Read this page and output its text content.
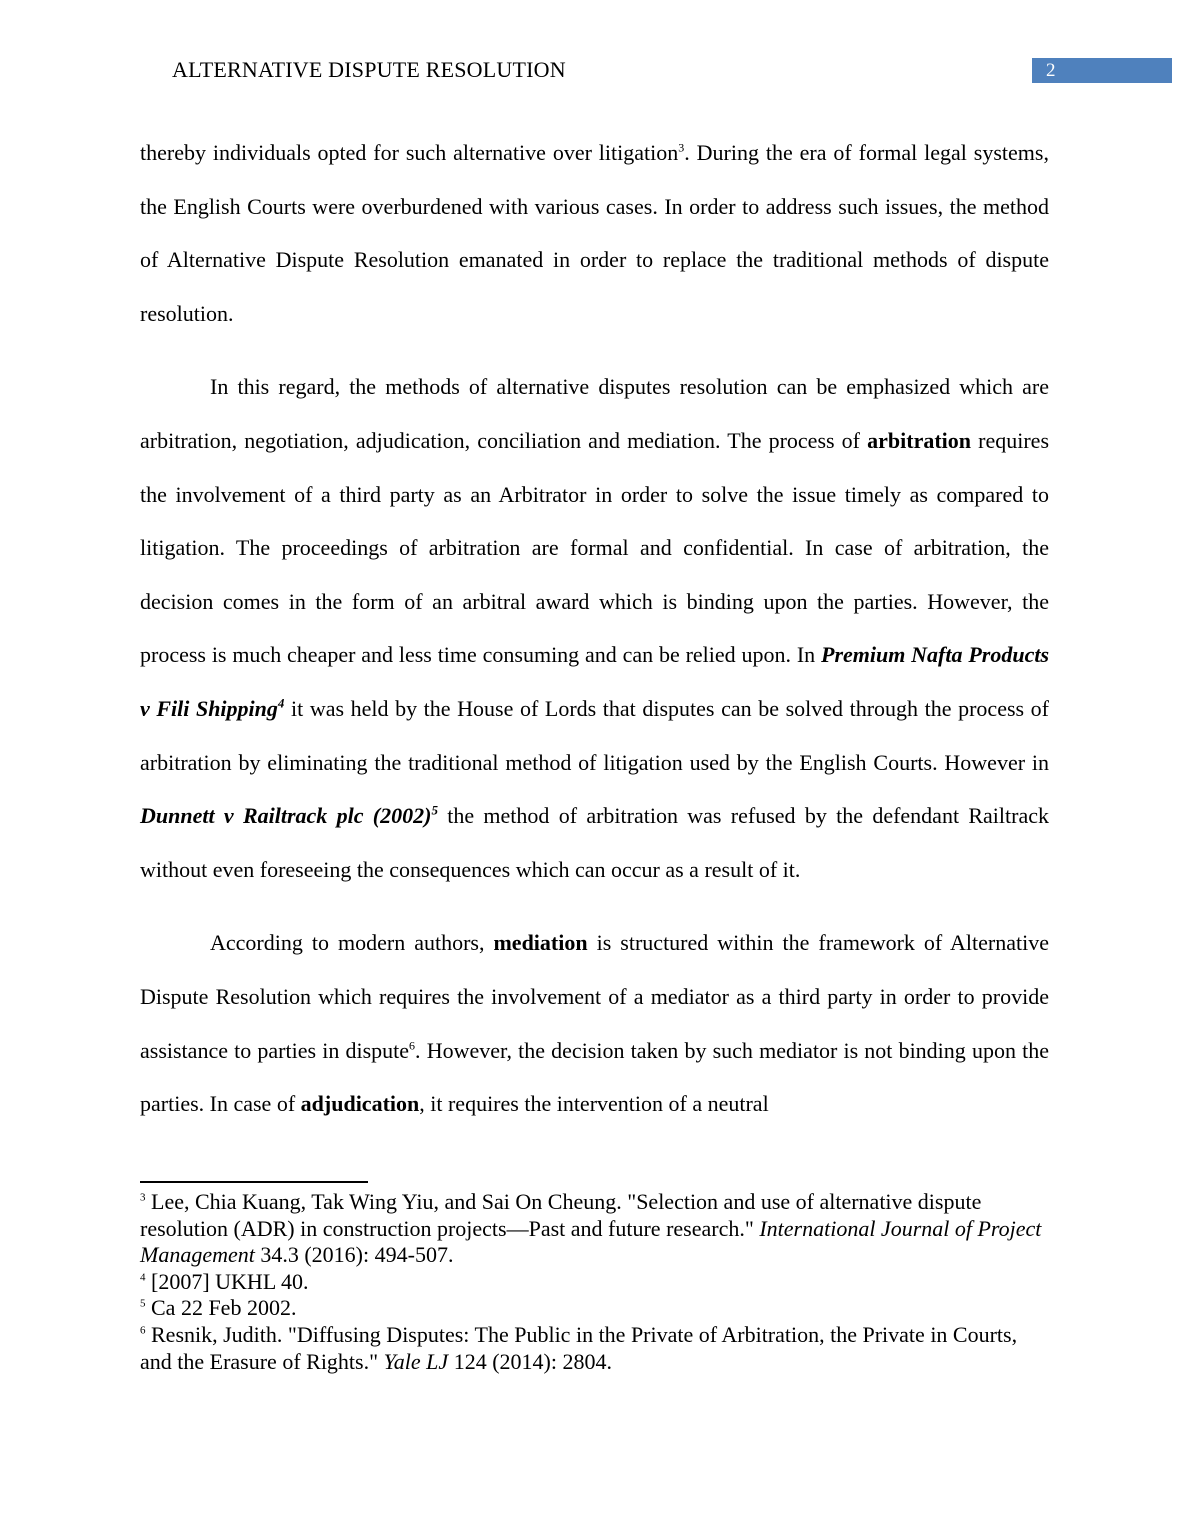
ALTERNATIVE DISPUTE RESOLUTION	2

thereby individuals opted for such alternative over litigation$^3$. During the era of formal legal systems, the English Courts were overburdened with various cases. In order to address such issues, the method of Alternative Dispute Resolution emanated in order to replace the traditional methods of dispute resolution.

In this regard, the methods of alternative disputes resolution can be emphasized which are arbitration, negotiation, adjudication, conciliation and mediation. The process of arbitration requires the involvement of a third party as an Arbitrator in order to solve the issue timely as compared to litigation. The proceedings of arbitration are formal and confidential. In case of arbitration, the decision comes in the form of an arbitral award which is binding upon the parties. However, the process is much cheaper and less time consuming and can be relied upon. In Premium Nafta Products v Fili Shipping$^4$ it was held by the House of Lords that disputes can be solved through the process of arbitration by eliminating the traditional method of litigation used by the English Courts. However in Dunnett v Railtrack plc $(2002)^5$ the method of arbitration was refused by the defendant Railtrack without even foreseeing the consequences which can occur as a result of it.

According to modern authors, mediation is structured within the framework of Alternative Dispute Resolution which requires the involvement of a mediator as a third party in order to provide assistance to parties in dispute$^6$. However, the decision taken by such mediator is not binding upon the parties. In case of adjudication, it requires the intervention of a neutral

$^3$ Lee, Chia Kuang, Tak Wing Yiu, and Sai On Cheung. "Selection and use of alternative dispute resolution (ADR) in construction projects—Past and future research." International Journal of Project Management 34.3 (2016): 494-507.

$^4$ [2007] UKHL 40.

$^5$ Ca 22 Feb 2002.

$^6$ Resnik, Judith. "Diffusing Disputes: The Public in the Private of Arbitration, the Private in Courts, and the Erasure of Rights." Yale LJ 124 (2014): 2804.
